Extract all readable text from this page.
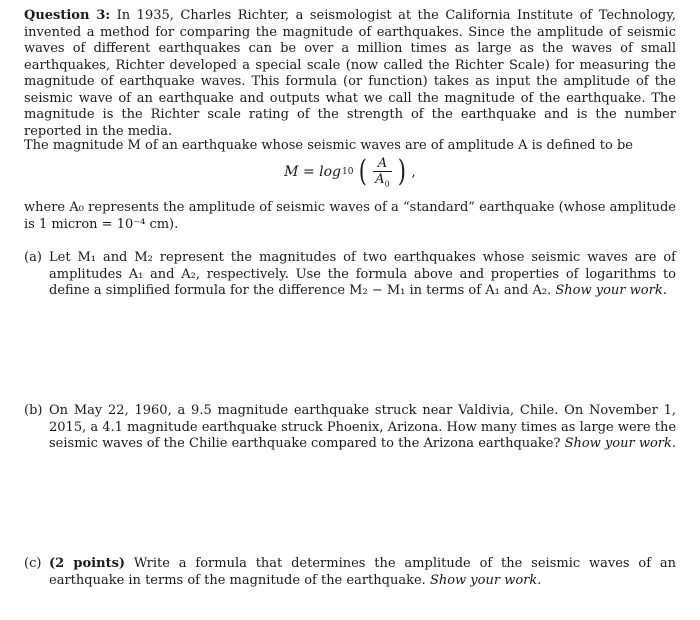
Question 3: In 1935, Charles Richter, a seismologist at the California Institute of Technology, invented a method for comparing the magnitude of earthquakes. Since the amplitude of seismic waves of different earthquakes can be over a million times as large as the waves of small earthquakes, Richter developed a special scale (now called the Richter Scale) for measuring the magnitude of earthquake waves. This formula (or function) takes as input the amplitude of the seismic wave of an earthquake and outputs what we call the magnitude of the earthquake. The magnitude is the Richter scale rating of the strength of the earthquake and is the number reported in the media.
The magnitude M of an earthquake whose seismic waves are of amplitude A is defined to be
M = log 10 ( $\frac{A}{A_0}$ ) ,
where A₀ represents the amplitude of seismic waves of a “standard” earthquake (whose amplitude is 1 micron = 10⁻⁴ cm).
(a) Let M₁ and M₂ represent the magnitudes of two earthquakes whose seismic waves are of amplitudes A₁ and A₂, respectively. Use the formula above and properties of logarithms to define a simplified formula for the difference M₂ − M₁ in terms of A₁ and A₂. Show your work.
(b) On May 22, 1960, a 9.5 magnitude earthquake struck near Valdivia, Chile. On November 1, 2015, a 4.1 magnitude earthquake struck Phoenix, Arizona. How many times as large were the seismic waves of the Chilie earthquake compared to the Arizona earthquake? Show your work.
(c) (2 points) Write a formula that determines the amplitude of the seismic waves of an earthquake in terms of the magnitude of the earthquake. Show your work.
